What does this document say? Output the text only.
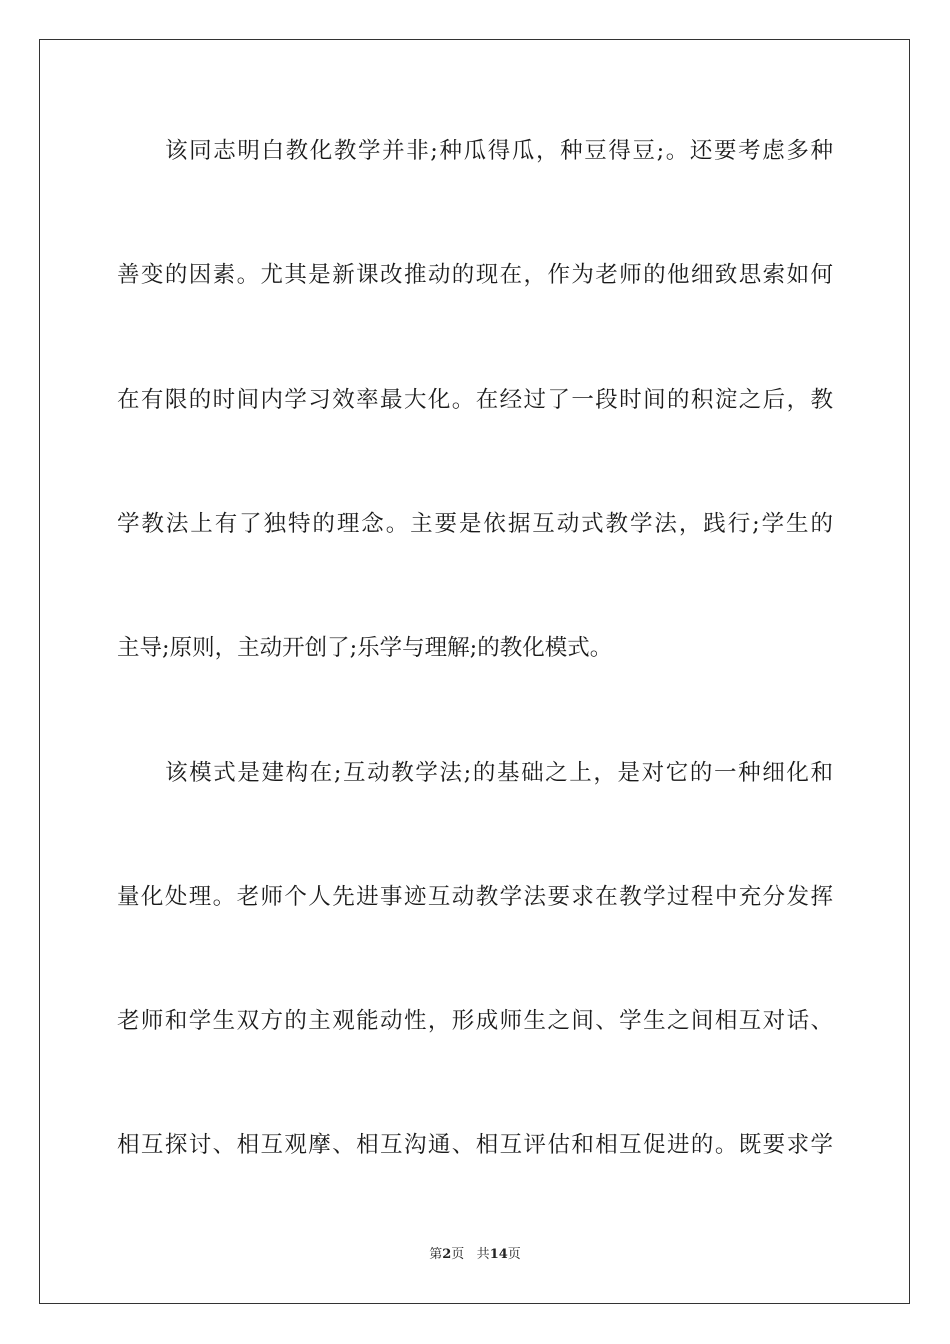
该同志明白教化教学并非;种瓜得瓜，种豆得豆;。还要考虑多种
善变的因素。尤其是新课改推动的现在，作为老师的他细致思索如何
在有限的时间内学习效率最大化。在经过了一段时间的积淀之后，教
学教法上有了独特的理念。主要是依据互动式教学法，践行;学生的
主导;原则，主动开创了;乐学与理解;的教化模式。
该模式是建构在;互动教学法;的基础之上，是对它的一种细化和
量化处理。老师个人先进事迹互动教学法要求在教学过程中充分发挥
老师和学生双方的主观能动性，形成师生之间、学生之间相互对话、
相互探讨、相互观摩、相互沟通、相互评估和相互促进的。既要求学
第2页 共14页
